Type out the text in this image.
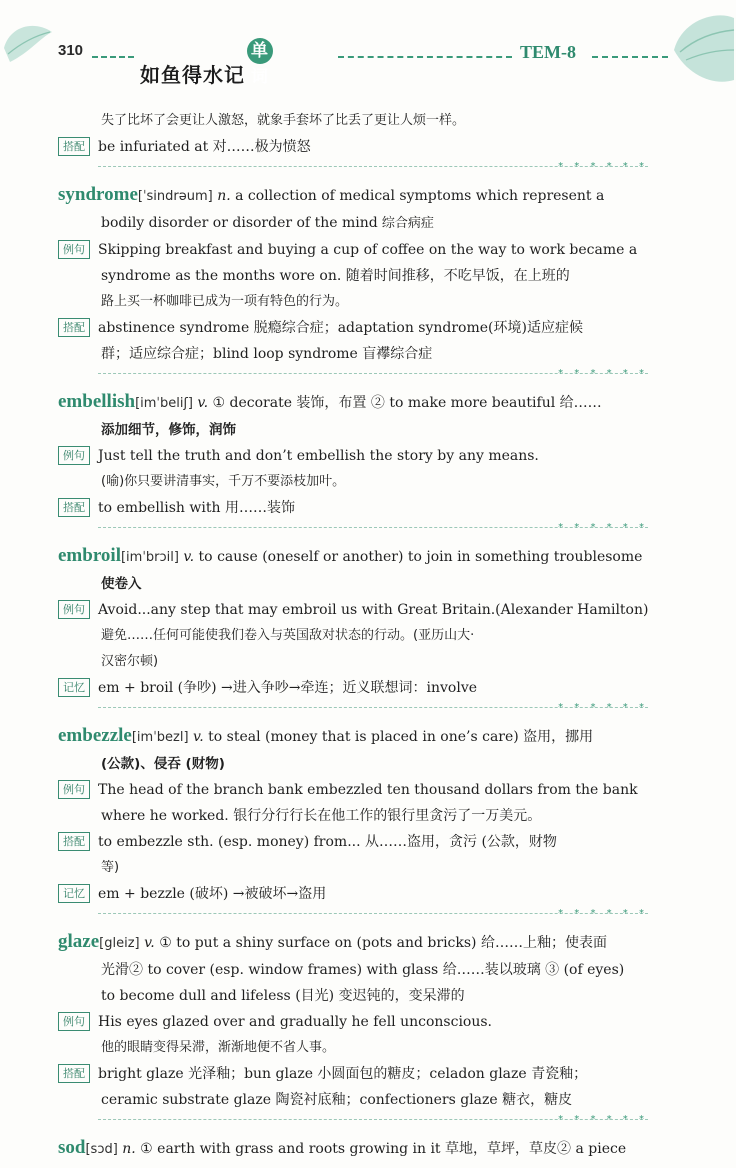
310
如鱼得水记单词
TEM-8
失了比坏了会更让人激怒，就象手套坏了比丢了更让人烦一样。
搭配 be infuriated at 对……极为愤怒
* * * * * *
syndrome[ˈsindrəum] n. a collection of medical symptoms which represent a
bodily disorder or disorder of the mind 综合病症
例句 Skipping breakfast and buying a cup of coffee on the way to work became a
syndrome as the months wore on. 随着时间推移，不吃早饭，在上班的
路上买一杯咖啡已成为一项有特色的行为。
搭配 abstinence syndrome 脱瘾综合症；adaptation syndrome(环境)适应症候
群；适应综合症；blind loop syndrome 盲襻综合症
* * * * * *
embellish[imˈbeliʃ] v. ① decorate 装饰，布置 ② to make more beautiful 给……
添加细节，修饰，润饰
例句 Just tell the truth and don’t embellish the story by any means.
(喻)你只要讲清事实，千万不要添枝加叶。
搭配 to embellish with 用……装饰
* * * * * *
embroil[imˈbrɔil] v. to cause (oneself or another) to join in something troublesome
使卷入
例句 Avoid...any step that may embroil us with Great Britain.(Alexander Hamilton)
避免……任何可能使我们卷入与英国敌对状态的行动。(亚历山大·
汉密尔顿)
记忆 em + broil (争吵) →进入争吵→牵连；近义联想词：involve
* * * * * *
embezzle[imˈbezl] v. to steal (money that is placed in one’s care) 盗用，挪用
(公款)、侵吞 (财物)
例句 The head of the branch bank embezzled ten thousand dollars from the bank
where he worked. 银行分行行长在他工作的银行里贪污了一万美元。
搭配 to embezzle sth. (esp. money) from... 从……盗用，贪污 (公款，财物
等)
记忆 em + bezzle (破坏) →被破坏→盗用
* * * * * *
glaze[gleiz] v. ① to put a shiny surface on (pots and bricks) 给……上釉；使表面
光滑② to cover (esp. window frames) with glass 给……装以玻璃 ③ (of eyes)
to become dull and lifeless (目光) 变迟钝的，变呆滞的
例句 His eyes glazed over and gradually he fell unconscious.
他的眼睛变得呆滞，渐渐地便不省人事。
搭配 bright glaze 光泽釉；bun glaze 小圆面包的糖皮；celadon glaze 青瓷釉；
ceramic substrate glaze 陶瓷衬底釉；confectioners glaze 糖衣，糖皮
* * * * * *
sod[sɔd] n. ① earth with grass and roots growing in it 草地，草坪，草皮② a piece
